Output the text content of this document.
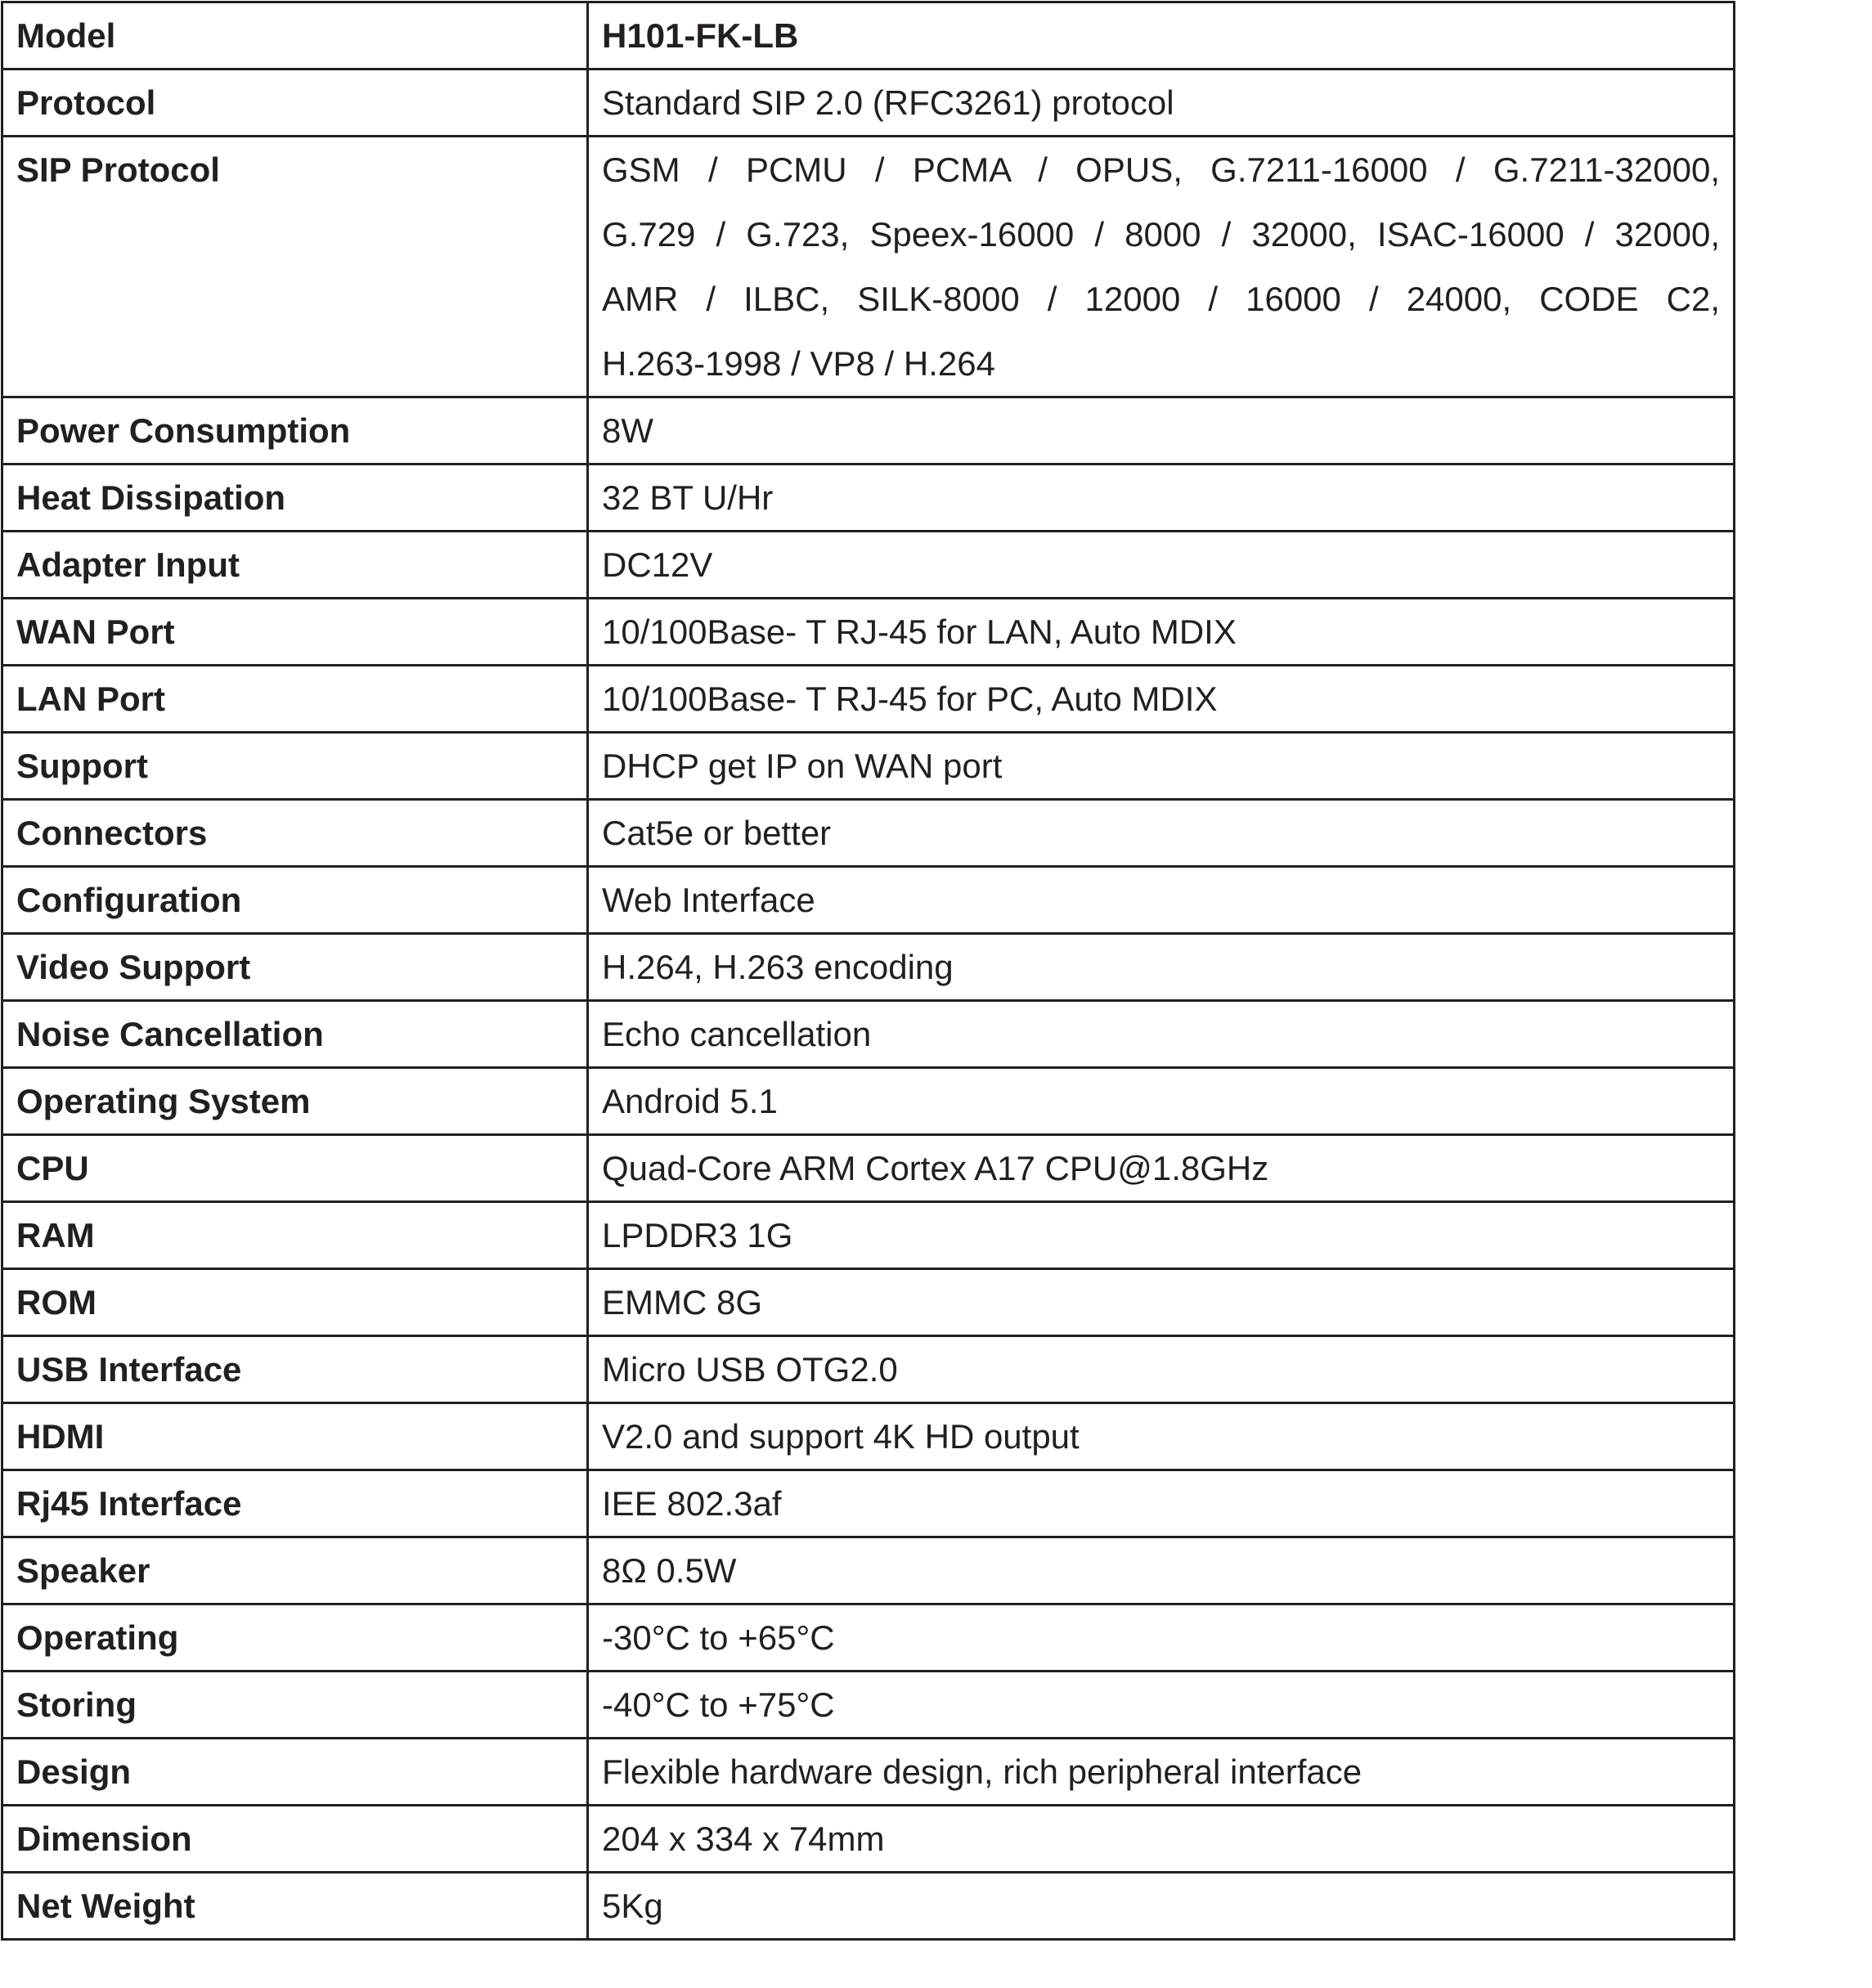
Model	H101-FK-LB
Protocol	Standard SIP 2.0 (RFC3261) protocol
SIP Protocol	GSM / PCMU / PCMA / OPUS, G.7211-16000 / G.7211-32000,
G.729 / G.723, Speex-16000 / 8000 / 32000, ISAC-16000 / 32000,
AMR / ILBC, SILK-8000 / 12000 / 16000 / 24000, CODE C2,
H.263-1998 / VP8 / H.264

Power Consumption	8W
Heat Dissipation	32 BT U/Hr
Adapter Input	DC12V
WAN Port	10/100Base- T RJ-45 for LAN, Auto MDIX
LAN Port	10/100Base- T RJ-45 for PC, Auto MDIX
Support	DHCP get IP on WAN port
Connectors	Cat5e or better
Configuration	Web Interface
Video Support	H.264, H.263 encoding
Noise Cancellation	Echo cancellation
Operating System	Android 5.1
CPU	Quad-Core ARM Cortex A17 CPU@1.8GHz
RAM	LPDDR3 1G
ROM	EMMC 8G
USB Interface	Micro USB OTG2.0
HDMI	V2.0 and support 4K HD output
Rj45 Interface	IEE 802.3af
Speaker	8Ω 0.5W
Operating	-30°C to +65°C
Storing	-40°C to +75°C
Design	Flexible hardware design, rich peripheral interface
Dimension	204 x 334 x 74mm
Net Weight	5Kg
